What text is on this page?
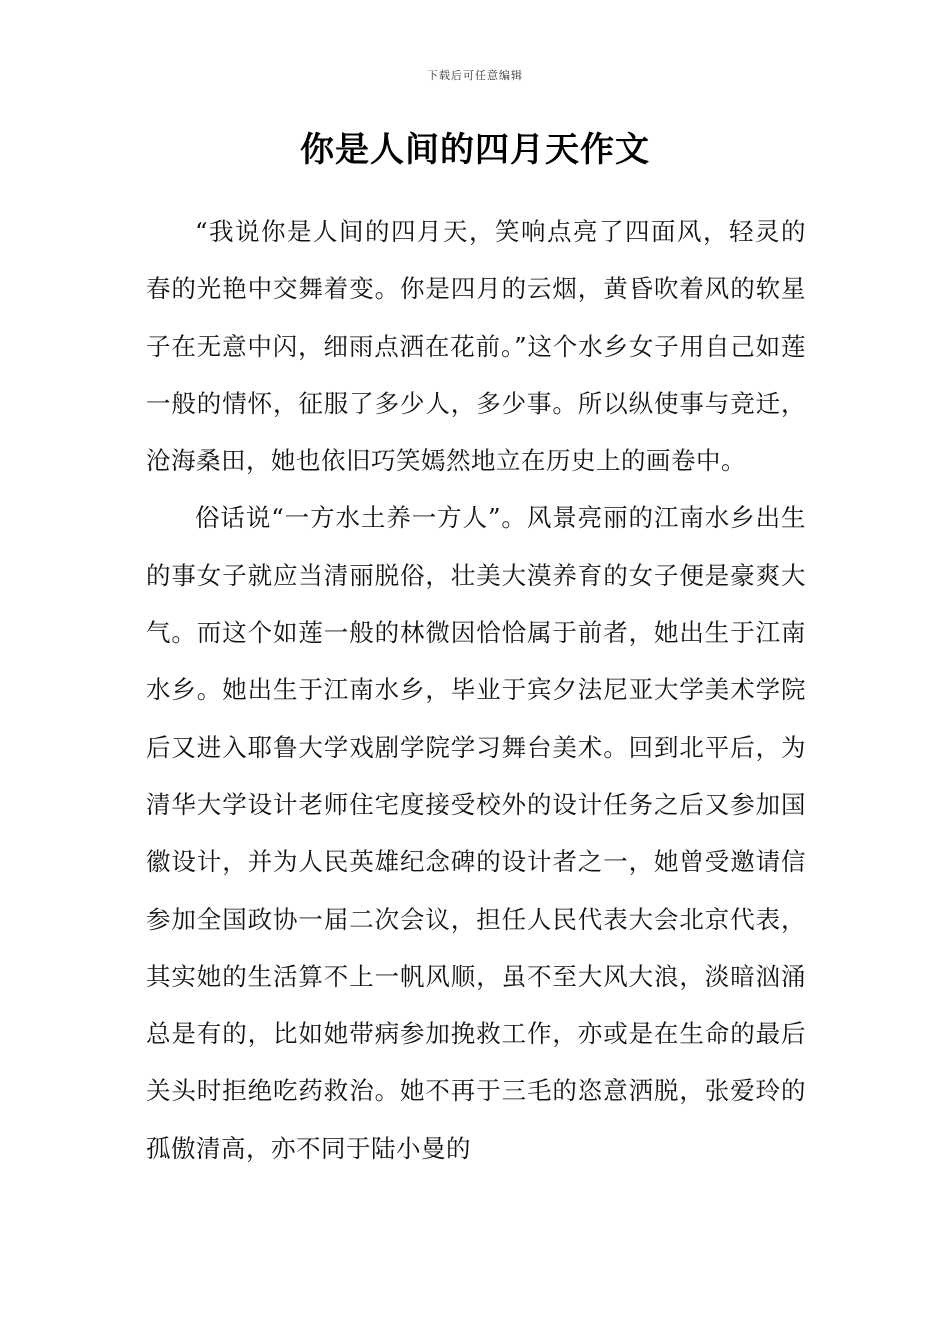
下载后可任意编辑
你是人间的四月天作文

“我说你是人间的四月天，笑响点亮了四面风，轻灵的春的光艳中交舞着变。你是四月的云烟，黄昏吹着风的软星子在无意中闪，细雨点洒在花前。”这个水乡女子用自己如莲一般的情怀，征服了多少人，多少事。所以纵使事与竞迁，沧海桑田，她也依旧巧笑嫣然地立在历史上的画卷中。

俗话说“一方水土养一方人”。风景亮丽的江南水乡出生的事女子就应当清丽脱俗，壮美大漠养育的女子便是豪爽大气。而这个如莲一般的林微因恰恰属于前者，她出生于江南水乡。她出生于江南水乡，毕业于宾夕法尼亚大学美术学院后又进入耶鲁大学戏剧学院学习舞台美术。回到北平后，为清华大学设计老师住宅度接受校外的设计任务之后又参加国徽设计，并为人民英雄纪念碑的设计者之一，她曾受邀请信参加全国政协一届二次会议，担任人民代表大会北京代表，其实她的生活算不上一帆风顺，虽不至大风大浪，淡暗汹涌总是有的，比如她带病参加挽救工作，亦或是在生命的最后关头时拒绝吃药救治。她不再于三毛的恣意洒脱，张爱玲的孤傲清高，亦不同于陆小曼的
